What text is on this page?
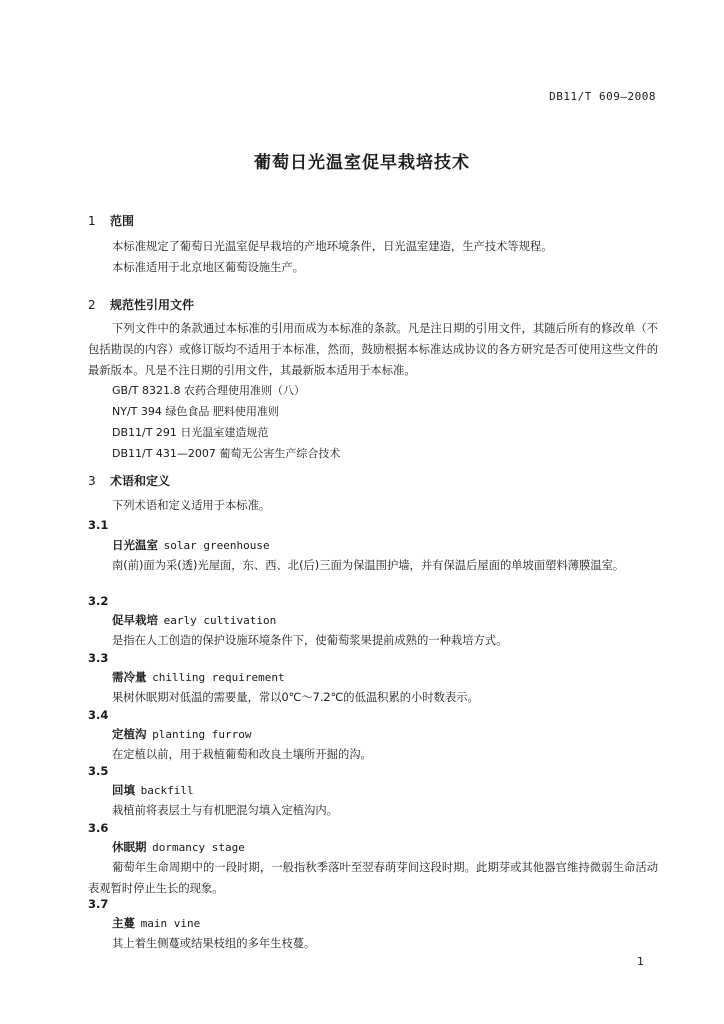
DB11/T 609—2008
葡萄日光温室促早栽培技术
1 范围
本标准规定了葡萄日光温室促早栽培的产地环境条件，日光温室建造，生产技术等规程。
本标准适用于北京地区葡萄设施生产。
2 规范性引用文件
下列文件中的条款通过本标准的引用而成为本标准的条款。凡是注日期的引用文件，其随后所有的修改单（不包括勘误的内容）或修订版均不适用于本标准，然而，鼓励根据本标准达成协议的各方研究是否可使用这些文件的最新版本。凡是不注日期的引用文件，其最新版本适用于本标准。
GB/T 8321.8 农药合理使用准则（八）
NY/T 394 绿色食品 肥料使用准则
DB11/T 291 日光温室建造规范
DB11/T 431—2007 葡萄无公害生产综合技术
3 术语和定义
下列术语和定义适用于本标准。
3.1
日光温室 solar greenhouse
南(前)面为采(透)光屋面，东、西、北(后)三面为保温围护墙，并有保温后屋面的单坡面塑料薄膜温室。
3.2
促早栽培 early cultivation
是指在人工创造的保护设施环境条件下，使葡萄浆果提前成熟的一种栽培方式。
3.3
需冷量 chilling requirement
果树休眠期对低温的需要量，常以0℃～7.2℃的低温积累的小时数表示。
3.4
定植沟 planting furrow
在定植以前，用于栽植葡萄和改良土壤所开掘的沟。
3.5
回填 backfill
栽植前将表层土与有机肥混匀填入定植沟内。
3.6
休眠期 dormancy stage
葡萄年生命周期中的一段时期，一般指秋季落叶至翌春萌芽间这段时期。此期芽或其他器官维持微弱生命活动表观暂时停止生长的现象。
3.7
主蔓 main vine
其上着生侧蔓或结果枝组的多年生枝蔓。
1
